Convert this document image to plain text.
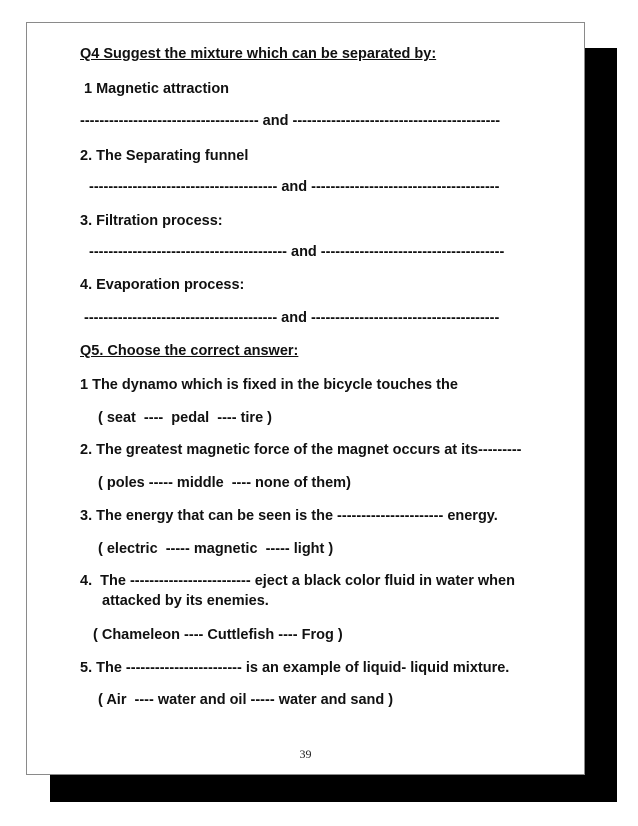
Q4 Suggest the mixture which can be separated by:
1 Magnetic attraction
------------------------------------- and -------------------------------------------
2. The Separating funnel
--------------------------------------- and ---------------------------------------
3. Filtration process:
----------------------------------------- and --------------------------------------
4. Evaporation process:
---------------------------------------- and ---------------------------------------
Q5. Choose the correct answer:
1 The dynamo which is fixed in the bicycle touches the
( seat  ----  pedal  ---- tire )
2. The greatest magnetic force of the magnet occurs at its---------
( poles ----- middle  ---- none of them)
3. The energy that can be seen is the ---------------------- energy.
( electric  ----- magnetic  ----- light )
4.  The ------------------------- eject a black color fluid in water when
attacked by its enemies.
( Chameleon ---- Cuttlefish ---- Frog )
5. The ------------------------ is an example of liquid- liquid mixture.
( Air  ---- water and oil ----- water and sand )
39
